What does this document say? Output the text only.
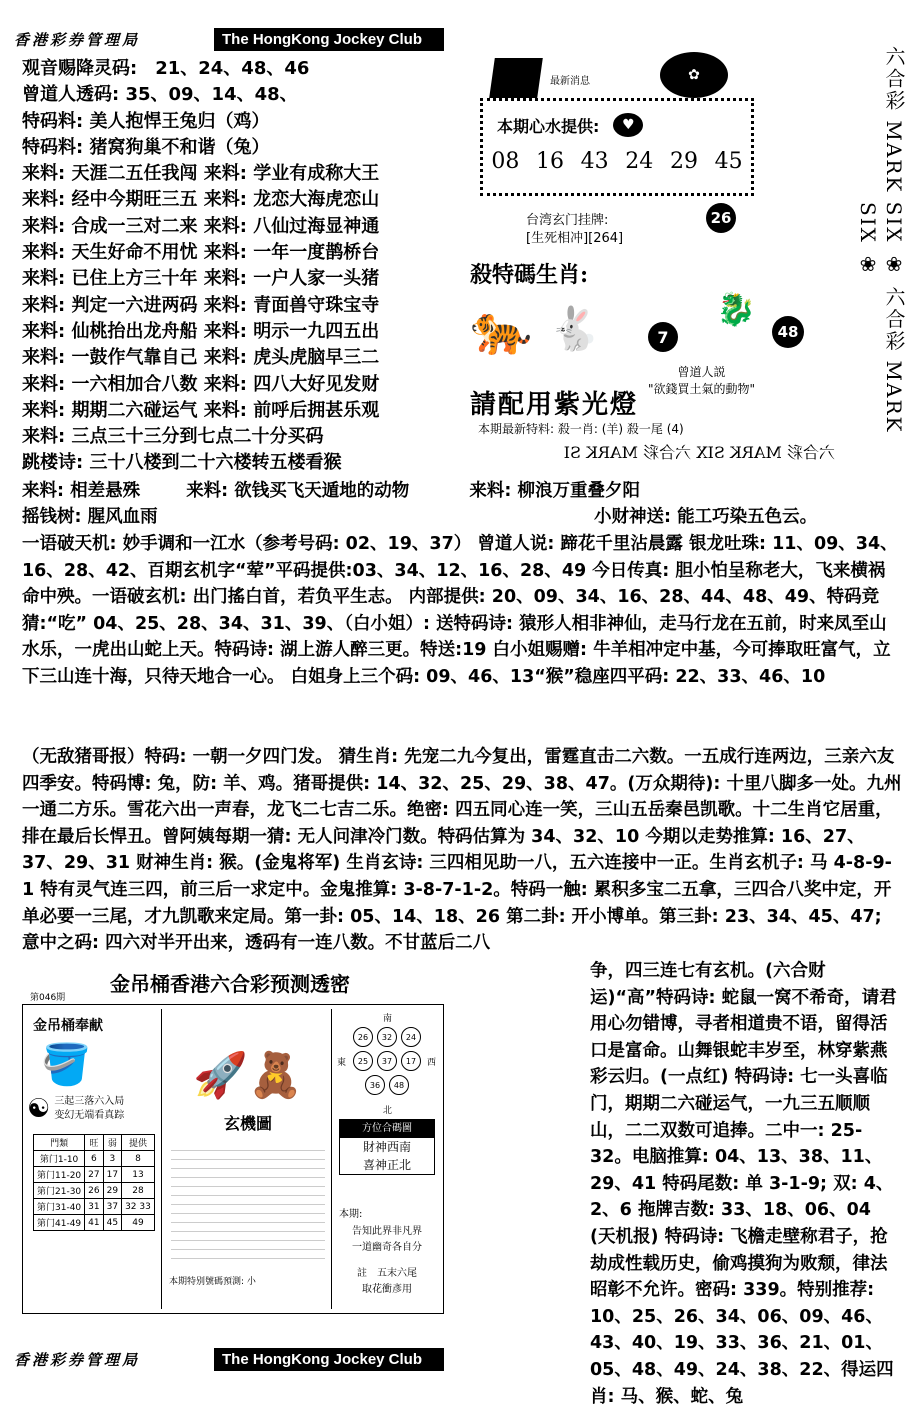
香港彩券管理局	The HongKong Jockey Club
观音赐降灵码:　21、24、48、46
曾道人透码: 35、09、14、48、
特码料: 美人抱悍王兔归（鸡）
特码料: 猪窝狗巢不和谐（兔）
来料: 天涯二五任我闯 来料: 学业有成称大王
来料: 经中今期旺三五 来料: 龙恋大海虎恋山
来料: 合成一三对二来 来料: 八仙过海显神通
来料: 天生好命不用忧 来料: 一年一度鹊桥台
来料: 已住上方三十年 来料: 一户人家一头猪
来料: 判定一六进两码 来料: 青面兽守珠宝寺
来料: 仙桃抬出龙舟船 来料: 明示一九四五出
来料: 一鼓作气靠自己 来料: 虎头虎脑早三二
来料: 一六相加合八数 来料: 四八大好见发财
来料: 期期二六碰运气 来料: 前呼后拥甚乐观
来料: 三点三十三分到七点二十分买码
跳楼诗: 三十八楼到二十六楼转五楼看猴
最新消息	✿
本期心水提供:	♥
08 16 43 24 29 45
台湾玄门挂牌:
[生死相冲][264]
26
殺特碼生肖:
🐅 🐇	7
🐉
48
曾道人説
"欲錢買土氣的動物"
請配用紫光燈
本期最新特料: 殺一肖: (羊) 殺一尾 (4)
六合彩 MARK SIX 六合彩 MARK SI
六合彩 MARK SIX ❀ 六合彩 MARK SIX ❀
来料: 相差悬殊	来料: 欲钱买飞天遁地的动物	来料: 柳浪万重叠夕阳
摇钱树: 腥风血雨	小财神送: 能工巧染五色云。
一语破天机: 妙手调和一江水（参考号码: 02、19、37） 曾道人说: 蹄花千里沾晨露 银龙吐珠: 11、09、34、16、28、42、百期玄机字“荤”平码提供:03、34、12、16、28、49 今日传真: 胆小怕呈称老大，飞来横祸命中殃。一语破玄机: 出门搖白首，若负平生志。 内部提供: 20、09、34、16、28、44、48、49、特码竞猜:“吃” 04、25、28、34、31、39、（白小姐）: 送特码诗: 猿形人相非神仙，走马行龙在五前，时来凤至山水乐，一虎出山蛇上天。特码诗: 湖上游人醉三更。特送:19 白小姐赐赠: 牛羊相冲定中基，今可捧取旺富气，立下三山连十海，只待天地合一心。 白姐身上三个码: 09、46、13“猴”稳座四平码: 22、33、46、10
（无敌猪哥报）特码: 一朝一夕四门发。 猜生肖: 先宠二九今复出，雷霆直击二六数。一五成行连两边，三亲六友四季安。特码博: 兔，防: 羊、鸡。猪哥提供: 14、32、25、29、38、47。(万众期待): 十里八脚多一处。九州一通二方乐。雪花六出一声春，龙飞二七吉二乐。绝密: 四五同心连一笑，三山五岳秦邑凯歌。十二生肖它居重，排在最后长悍丑。曾阿姨每期一猜: 无人问津冷门数。特码估算为 34、32、10 今期以走势推算: 16、27、37、29、31 财神生肖: 猴。(金鬼将军) 生肖玄诗: 三四相见助一八，五六连接中一正。生肖玄机子: 马 4-8-9-1 特有灵气连三四，前三后一求定中。金鬼推算: 3-8-7-1-2。特码一触: 累积多宝二五拿，三四合八奖中定，开单必要一三尾，才九凯歌来定局。第一卦: 05、14、18、26 第二卦: 开小博单。第三卦: 23、34、45、47; 意中之码: 四六对半开出来，透码有一连八数。不甘蓝后二八
争，四三连七有玄机。(六合财运)“高”特码诗: 蛇鼠一窝不希奇，请君用心勿错博，寻者相道贵不语，留得活口是富命。山舞银蛇丰岁至，林穿紫燕彩云归。(一点红) 特码诗: 七一头喜临门，期期二六碰运气，一九三五顺顺山，二二双数可追捧。二中一: 25-32。电脑推算: 04、13、38、11、29、41 特码尾数: 单 3-1-9; 双: 4、2、6 拖牌吉数: 33、18、06、04 (天机报) 特码诗: 飞檐走壁称君子，抢劫成性载历史，偷鸡摸狗为败颓，律法昭彰不允许。密码: 339。特别推荐: 10、25、26、34、06、09、46、43、40、19、33、36、21、01、05、48、49、24、38、22、得运四肖: 马、猴、蛇、兔
第046期
金吊桶香港六合彩预测透密
金吊桶奉献
🪣
☯ 三起三落六入局
变幻无端看真踪
門類	旺	弱	提供
第门1-10	6	3	8
第门11-20	27	17	13
第门21-30	26	29	28
第门31-40	31	37	32 33
第门41-49	41	45	49
🚀🧸
玄機圖
本期特别號碼預測: 小
南
北
東	西
26	32	24
25	37	17
36	48
方位合碼圖
財神西南
喜神正北
本期:
告知此界非凡界
一道幽奇各自分
註　五末六尾
取花衝彥用
香港彩券管理局	The HongKong Jockey Club
